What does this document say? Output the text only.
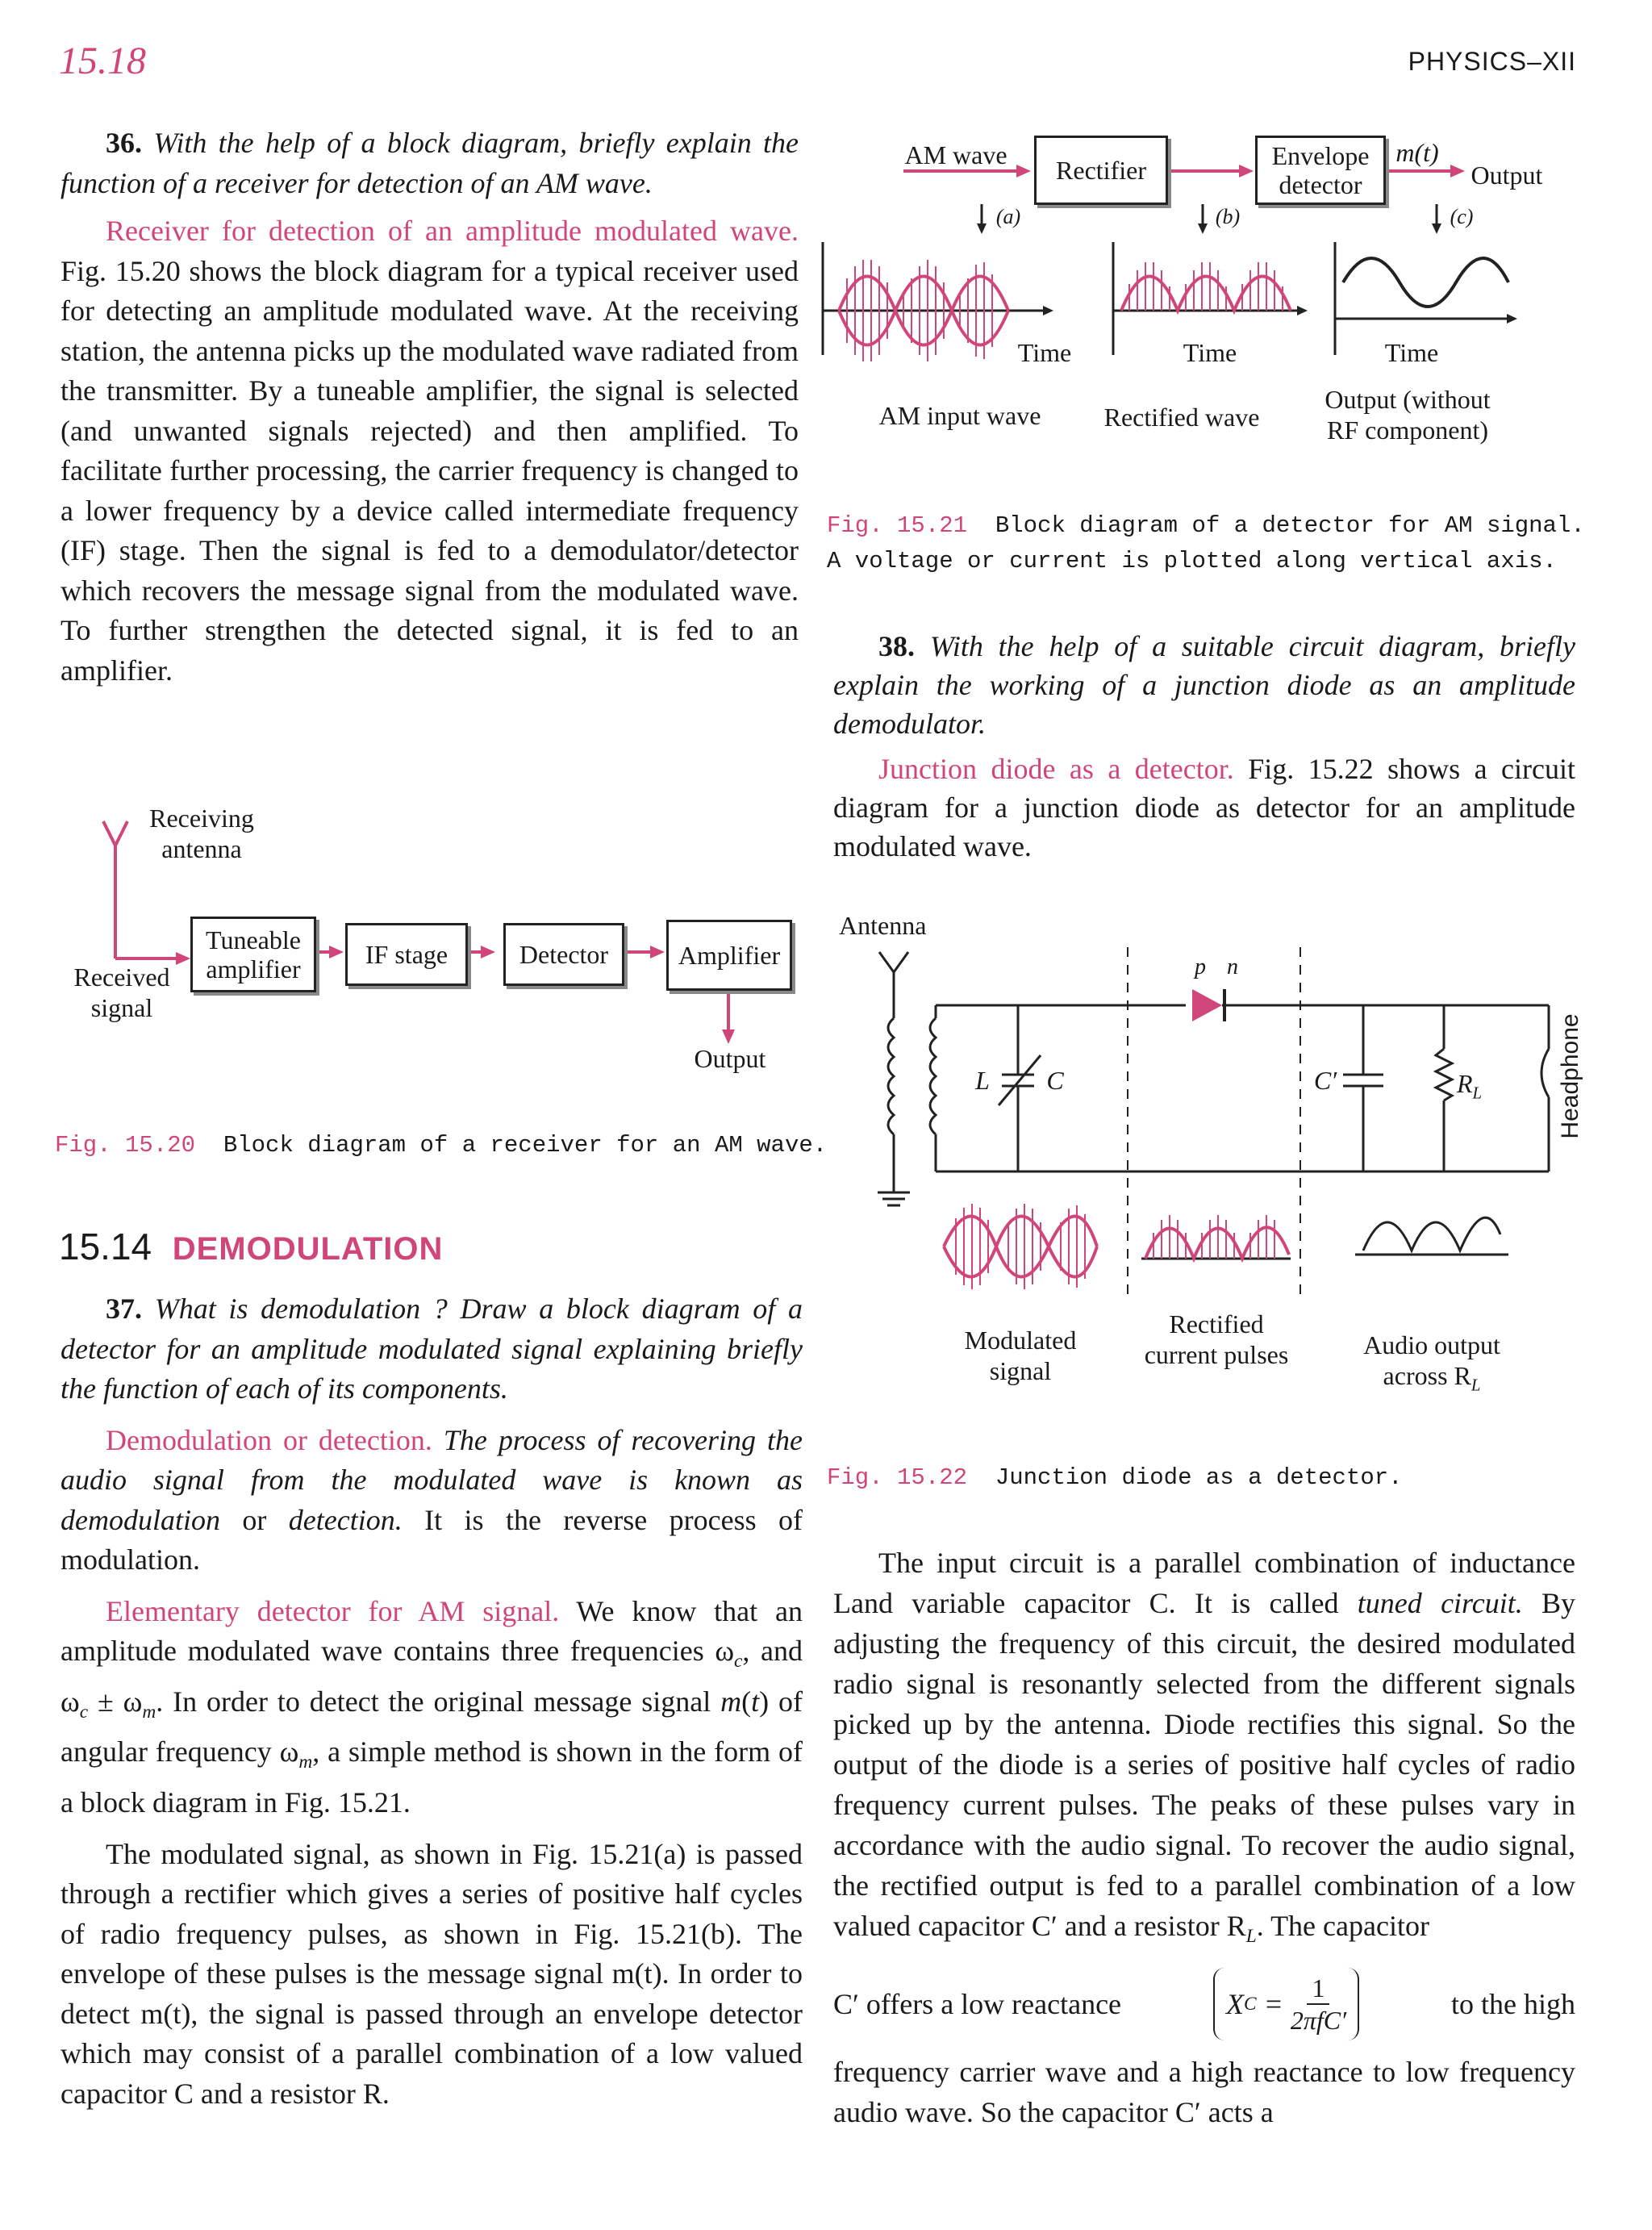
15.18	PHYSICS–XII

36. With the help of a block diagram, briefly explain the function of a receiver for detection of an AM wave.

Receiver for detection of an amplitude modulated wave. Fig. 15.20 shows the block diagram for a typical receiver used for detecting an amplitude modulated wave. At the receiving station, the antenna picks up the modulated wave radiated from the transmitter. By a tuneable amplifier, the signal is selected (and unwanted signals rejected) and then amplified. To facilitate further processing, the carrier frequency is changed to a lower frequency by a device called intermediate frequency (IF) stage. Then the signal is fed to a demodulator/detector which recovers the message signal from the modulated wave. To further strengthen the detected signal, it is fed to an amplifier.

Receiving antenna
Received signal
Tuneable amplifier	IF stage	Detector	Amplifier
Output
Fig. 15.20 Block diagram of a receiver for an AM wave.
15.14 DEMODULATION

37. What is demodulation ? Draw a block diagram of a detector for an amplitude modulated signal explaining briefly the function of each of its components.

Demodulation or detection. The process of recovering the audio signal from the modulated wave is known as demodulation or detection. It is the reverse process of modulation.

Elementary detector for AM signal. We know that an amplitude modulated wave contains three frequencies $\omega_c$, and $\omega_c \pm \omega_m$. In order to detect the original message signal m(t) of angular frequency $\omega_m$, a simple method is shown in the form of a block diagram in Fig. 15.21.

The modulated signal, as shown in Fig. 15.21(a) is passed through a rectifier which gives a series of positive half cycles of radio frequency pulses, as shown in Fig. 15.21(b). The envelope of these pulses is the message signal m(t). In order to detect m(t), the signal is passed through an envelope detector which may consist of a parallel combination of a low valued capacitor C and a resistor R.

AM wave
Rectifier	Envelope detector
m(t)
Output
(a)	(b)	(c)
Time	Time	Time
AM input wave	Rectified wave
Output (without RF component)
Fig. 15.21 Block diagram of a detector for AM signal. A voltage or current is plotted along vertical axis.

38. With the help of a suitable circuit diagram, briefly explain the working of a junction diode as an amplitude demodulator.

Junction diode as a detector. Fig. 15.22 shows a circuit diagram for a junction diode as detector for an amplitude modulated wave.

Antenna
p n
L C	C′	$R_L$	Headphone
Modulated signal
Rectified current pulses	Audio output across $R_L$
Fig. 15.22 Junction diode as a detector.

The input circuit is a parallel combination of inductance Land variable capacitor C. It is called tuned circuit. By adjusting the frequency of this circuit, the desired modulated radio signal is resonantly selected from the different signals picked up by the antenna. Diode rectifies this signal. So the output of the diode is a series of positive half cycles of radio frequency current pulses. The peaks of these pulses vary in accordance with the audio signal. To recover the audio signal, the rectified output is fed to a parallel combination of a low valued capacitor C′ and a resistor $R_L$. The capacitor

C′ offers a low reactance	X C = 1
2πfC′	to the high

frequency carrier wave and a high reactance to low frequency audio wave. So the capacitor C′ acts a
